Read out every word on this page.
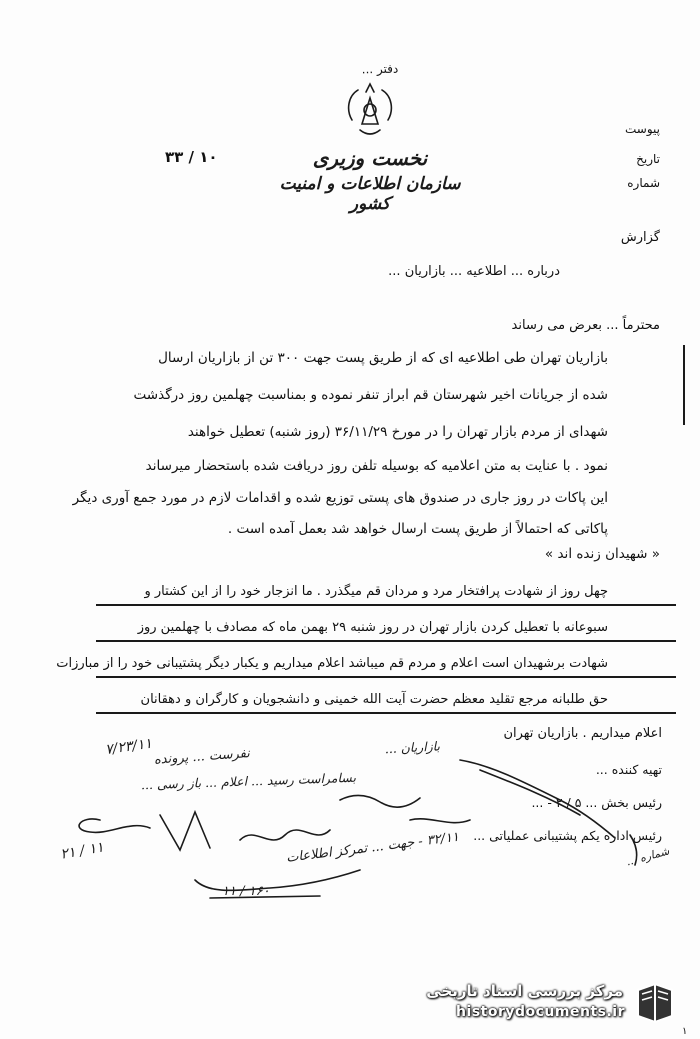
دفتر ...
نخست وزیری
سازمان اطلاعات و امنیت کشور
تاریخ
۳۳ / ۱۰
شماره
پیوست
گزارش
درباره ... اطلاعیه ... بازاریان ...
محترماً ... بعرض می رساند
بازاریان تهران طی اطلاعیه ای که از طریق پست جهت ۳۰۰ تن از بازاریان ارسال
شده از جریانات اخیر شهرستان قم ابراز تنفر نموده و بمناسبت چهلمین روز درگذشت
شهدای از مردم بازار تهران را در مورخ ۳۶/۱۱/۲۹ (روز شنبه) تعطیل خواهند
نمود . با عنایت به متن اعلامیه که بوسیله تلفن روز دریافت شده باستحضار میرساند
این پاکات در روز جاری در صندوق های پستی توزیع شده و اقدامات لازم در مورد جمع آوری دیگر
پاکاتی که احتمالاً از طریق پست ارسال خواهد شد بعمل آمده است .
« شهیدان زنده اند »
چهل روز از شهادت پرافتخار مرد و مردان قم میگذرد . ما انزجار خود را از این کشتار و
سبوعانه با تعطیل کردن بازار تهران در روز شنبه ۲۹ بهمن ماه که مصادف با چهلمین روز
شهادت برشهیدان است اعلام و مردم قم میباشد اعلام میداریم و یکبار دیگر پشتیبانی خود را از مبارزات
حق طلبانه مرجع تقلید معظم حضرت آیت الله خمینی و دانشجویان و کارگران و دهقانان
اعلام میداریم . بازاریان تهران
تهیه کننده ...
رئیس بخش ... ۵ / ۲ - ...
رئیس اداره یکم پشتیبانی عملیاتی ...
۷/۲۳/۱۱ نفرست ... پرونده
بسامراست رسید ... اعلام ... باز رسی ...
بازاریان ...
۲۱ / ۱۱	۳۲/۱۱ - جهت ... تمرکز اطلاعات
۱۱ / ۱۶۰
شماره ...
مرکز بررسی اسناد تاریخی
historydocuments.ir
۱
